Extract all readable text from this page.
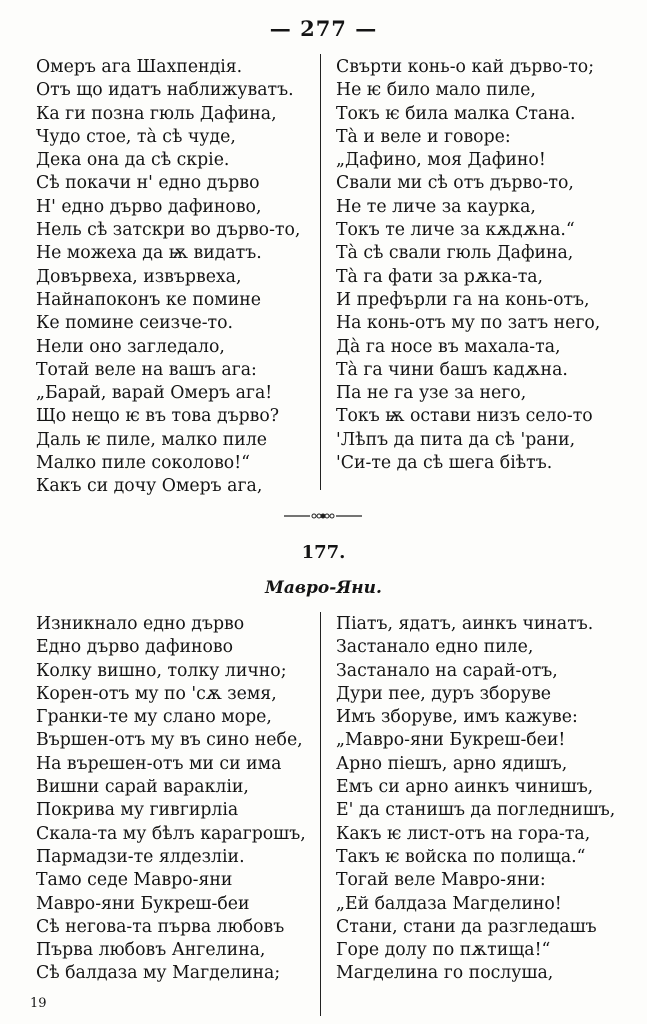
— 277 —
Омеръ ага Шахпендія.
Отъ що идатъ наближуватъ.
Ка ги позна гюль Дафина,
Чудо стое, тà сѣ чуде,
Дека она да сѣ скріе.
Сѣ покачи н' едно дървo
Н' едно дърво дафиново,
Нель сѣ затскри во дърво-то,
Не можеха да ѭ видатъ.
Довървеха, извървеха,
Найнапоконъ ке помине
Ке помине сеизче-то.
Нели оно загледало,
Тотай веле на вашъ ага:
„Барай, варай Омеръ ага!
Що нещо ѥ въ това дърво?
Даль ѥ пиле, малко пиле
Малко пиле соколово!“
Какъ си дочу Омеръ ага,
Свърти конь-о кай дърво-то;
Не ѥ било мало пиле,
Токъ ѥ била малка Стана.
Тà и веле и говоре:
„Дафино, моя Дафино!
Свали ми сѣ отъ дърво-то,
Не те личе за каурка,
Токъ те личе за кѫдѫна.“
Тà сѣ свали гюль Дафина,
Тà га фати за рѫка-та,
И префърли га на конь-отъ,
На конь-отъ му по затъ него,
Дà га носе въ махала-та,
Тà га чини башъ кадѫна.
Па не га узе за него,
Токъ ѭ остави низъ село-то
'Лѣпъ да пита да сѣ 'рани,
'Си-те да сѣ шега біѣтъ.
177.
Мавро-Яни.
Изникнало едно дърво
Едно дърво дафиново
Колку вишно, толку лично;
Корен-отъ му по 'сѫ земя,
Гранки-те му слано море,
Вършен-отъ му въ сино небе,
На върешен-отъ ми си има
Вишни сарай варакліи,
Покрива му гивгирліа
Скала-та му бѣлъ карагрошъ,
Пармадзи-те ялдезліи.
Тамо седе Мавро-яни
Мавро-яни Букреш-беи
Сѣ негова-та първа любовъ
Първа любовъ Ангелина,
Сѣ балдаза му Магделина;
Піатъ, ядатъ, аинкъ чинатъ.
Застанало едно пиле,
Застанало на сарай-отъ,
Дури пее, дуръ зборуве
Имъ зборуве, имъ кажуве:
„Мавро-яни Букреш-беи!
Арно піешъ, арно ядишъ,
Емъ си арно аинкъ чинишъ,
Е' да станишъ да погледнишъ,
Какъ ѥ лист-отъ на гора-та,
Такъ ѥ войска по полища.“
Тогай веле Мавро-яни:
„Ей балдаза Магделино!
Стани, стани да разгледашъ
Горе долу по пѫтища!“
Магделина го послуша,
19
